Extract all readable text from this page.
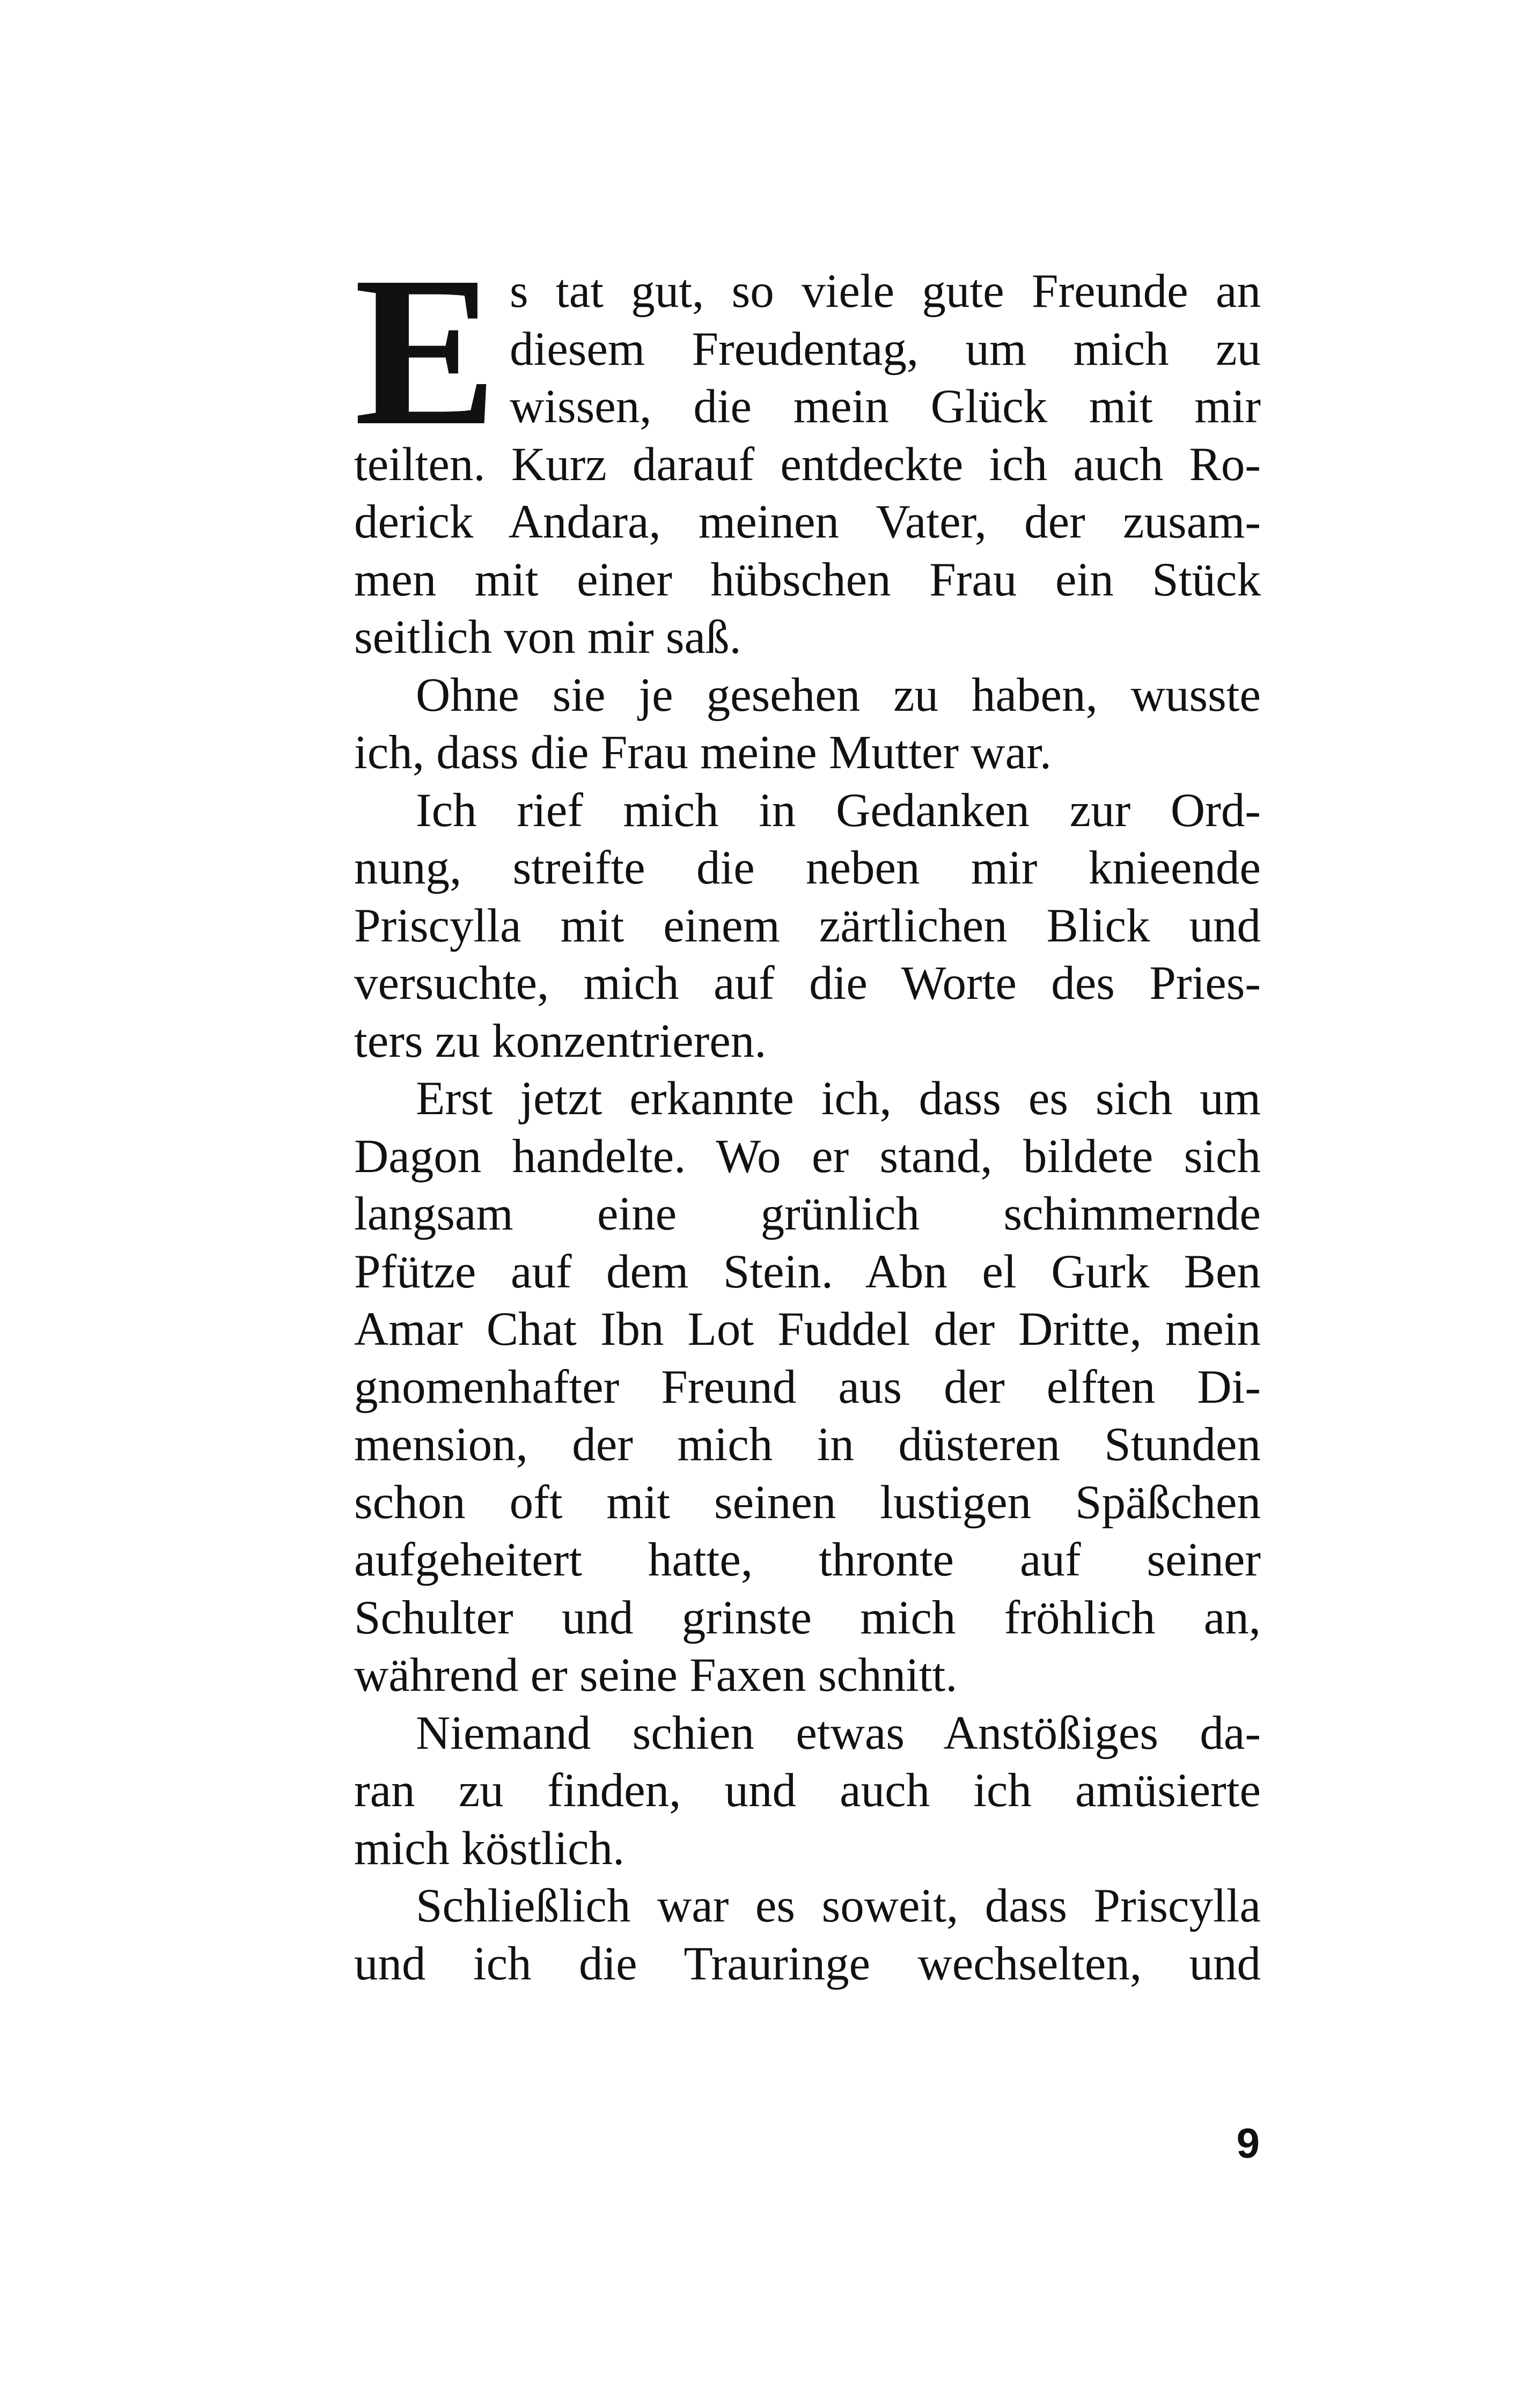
E s tat gut, so viele gute Freunde an
diesem Freudentag, um mich zu
wissen, die mein Glück mit mir
teilten. Kurz darauf entdeckte ich auch Ro-
derick Andara, meinen Vater, der zusam-
men mit einer hübschen Frau ein Stück
seitlich von mir saß.
Ohne sie je gesehen zu haben, wusste
ich, dass die Frau meine Mutter war.
Ich rief mich in Gedanken zur Ord-
nung, streifte die neben mir knieende
Priscylla mit einem zärtlichen Blick und
versuchte, mich auf die Worte des Pries-
ters zu konzentrieren.
Erst jetzt erkannte ich, dass es sich um
Dagon handelte. Wo er stand, bildete sich
langsam eine grünlich schimmernde
Pfütze auf dem Stein. Abn el Gurk Ben
Amar Chat Ibn Lot Fuddel der Dritte, mein
gnomenhafter Freund aus der elften Di-
mension, der mich in düsteren Stunden
schon oft mit seinen lustigen Späßchen
aufgeheitert hatte, thronte auf seiner
Schulter und grinste mich fröhlich an,
während er seine Faxen schnitt.
Niemand schien etwas Anstößiges da-
ran zu finden, und auch ich amüsierte
mich köstlich.
Schließlich war es soweit, dass Priscylla
und ich die Trauringe wechselten, und
9
